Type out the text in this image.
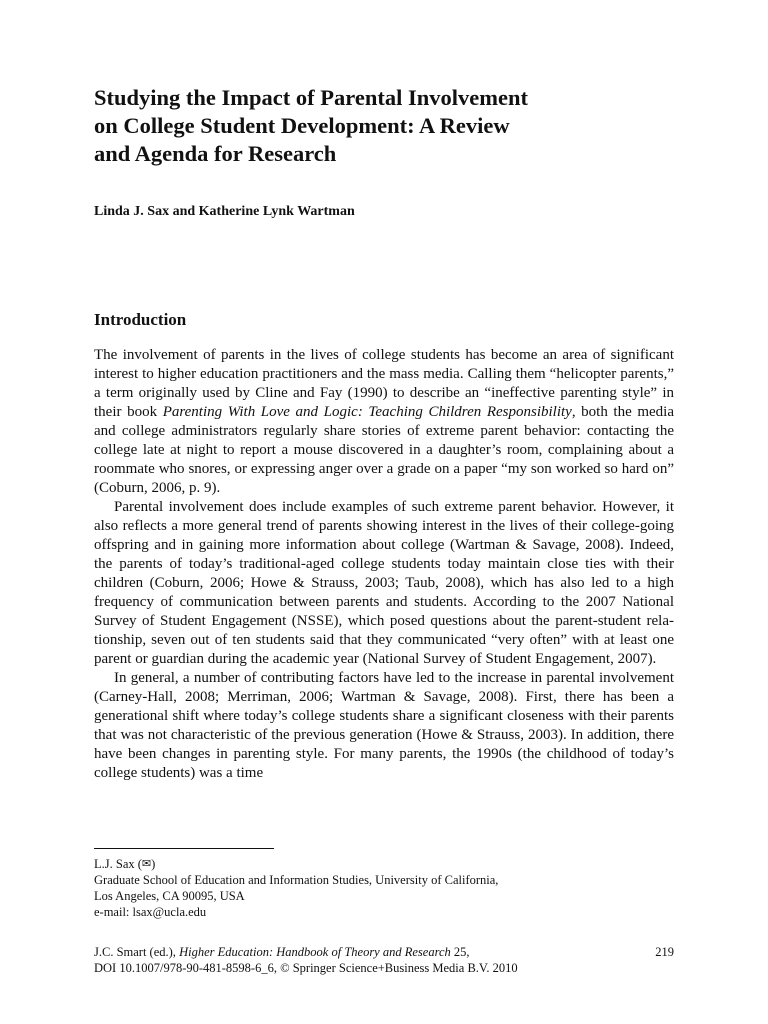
Studying the Impact of Parental Involvement
on College Student Development: A Review
and Agenda for Research

Linda J. Sax and Katherine Lynk Wartman

Introduction

The involvement of parents in the lives of college students has become an area of significant interest to higher education practitioners and the mass media. Calling them “helicopter parents,” a term originally used by Cline and Fay (1990) to describe an “ineffective parenting style” in their book Parenting With Love and Logic: Teaching Children Responsibility, both the media and college administrators regularly share stories of extreme parent behavior: contacting the college late at night to report a mouse discovered in a daughter’s room, complaining about a roommate who snores, or expressing anger over a grade on a paper “my son worked so hard on” (Coburn, 2006, p. 9).

Parental involvement does include examples of such extreme parent behavior. However, it also reflects a more general trend of parents showing interest in the lives of their college-going offspring and in gaining more information about college (Wartman & Savage, 2008). Indeed, the parents of today’s traditional-aged college students today maintain close ties with their children (Coburn, 2006; Howe & Strauss, 2003; Taub, 2008), which has also led to a high frequency of communication between parents and students. According to the 2007 National Survey of Student Engagement (NSSE), which posed questions about the parent-student relationship, seven out of ten students said that they communicated “very often” with at least one parent or guardian during the academic year (National Survey of Student Engagement, 2007).

In general, a number of contributing factors have led to the increase in parental involvement (Carney-Hall, 2008; Merriman, 2006; Wartman & Savage, 2008). First, there has been a generational shift where today’s college students share a significant closeness with their parents that was not characteristic of the previous generation (Howe & Strauss, 2003). In addition, there have been changes in parenting style. For many parents, the 1990s (the childhood of today’s college students) was a time

L.J. Sax (✉)
Graduate School of Education and Information Studies, University of California,
Los Angeles, CA 90095, USA
e-mail: lsax@ucla.edu
J.C. Smart (ed.), Higher Education: Handbook of Theory and Research 25,	219
DOI 10.1007/978-90-481-8598-6_6, © Springer Science+Business Media B.V. 2010
